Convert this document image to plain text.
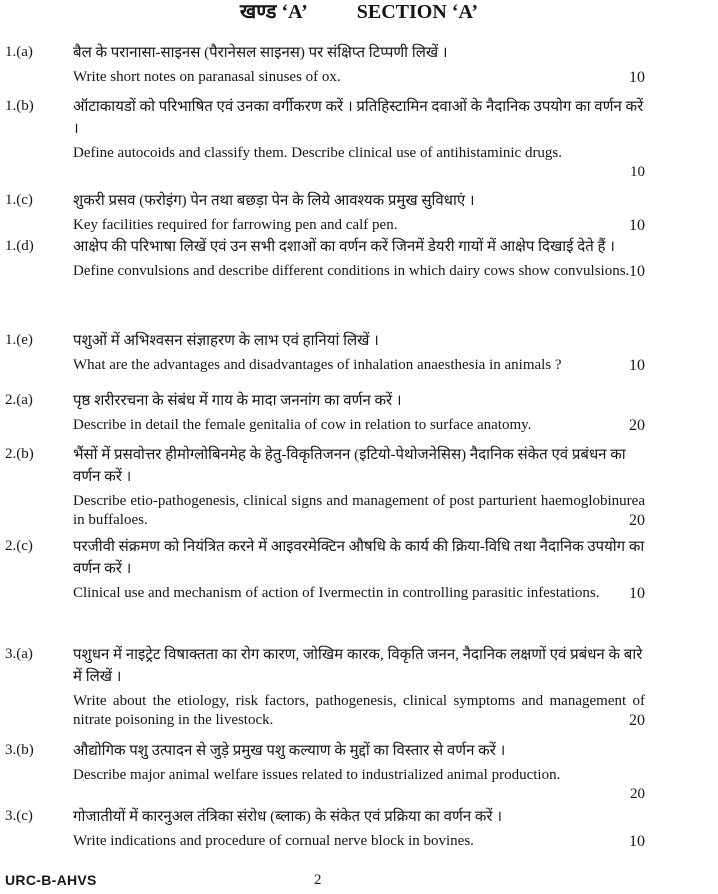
खण्ड ‘A’ SECTION ‘A’
1.(a)	बैल के परानासा-साइनस (पैरानेसल साइनस) पर संक्षिप्त टिप्पणी लिखें ।

Write short notes on paranasal sinuses of ox.	10
1.(b)	ऑटाकायडों को परिभाषित एवं उनका वर्गीकरण करें । प्रतिहिस्टामिन दवाओं के नैदानिक उपयोग का वर्णन करें ।

Define autocoids and classify them. Describe clinical use of antihistaminic drugs.

10

1.(c)	शुकरी प्रसव (फरोइंग) पेन तथा बछड़ा पेन के लिये आवश्यक प्रमुख सुविधाएं ।

Key facilities required for farrowing pen and calf pen.	10
1.(d)	आक्षेप की परिभाषा लिखें एवं उन सभी दशाओं का वर्णन करें जिनमें डेयरी गायों में आक्षेप दिखाई देते हैं ।

Define convulsions and describe different conditions in which dairy cows show convulsions. 10
1.(e)	पशुओं में अभिश्वसन संज्ञाहरण के लाभ एवं हानियां लिखें ।

What are the advantages and disadvantages of inhalation anaesthesia in animals ?	10
2.(a)	पृष्ठ शरीररचना के संबंध में गाय के मादा जननांग का वर्णन करें ।

Describe in detail the female genitalia of cow in relation to surface anatomy.	20
2.(b)	भैंसों में प्रसवोत्तर हीमोग्लोबिनमेह के हेतु-विकृतिजनन (इटियो-पेथोजनेसिस) नैदानिक संकेत एवं प्रबंधन का वर्णन करें ।

Describe etio-pathogenesis, clinical signs and management of post parturient haemoglobinurea in buffaloes.	20
2.(c)	परजीवी संक्रमण को नियंत्रित करने में आइवरमेक्टिन औषधि के कार्य की क्रिया-विधि तथा नैदानिक उपयोग का वर्णन करें ।

Clinical use and mechanism of action of Ivermectin in controlling parasitic infestations.	10
3.(a)	पशुधन में नाइट्रेट विषाक्तता का रोग कारण, जोखिम कारक, विकृति जनन, नैदानिक लक्षणों एवं प्रबंधन के बारे में लिखें ।

Write about the etiology, risk factors, pathogenesis, clinical symptoms and management of nitrate poisoning in the livestock.	20
3.(b)	औद्योगिक पशु उत्पादन से जुड़े प्रमुख पशु कल्याण के मुद्दों का विस्तार से वर्णन करें ।

Describe major animal welfare issues related to industrialized animal production.

20

3.(c)	गोजातीयों में कारनुअल तंत्रिका संरोध (ब्लाक) के संकेत एवं प्रक्रिया का वर्णन करें ।

Write indications and procedure of cornual nerve block in bovines.	10
URC-B-AHVS	2
